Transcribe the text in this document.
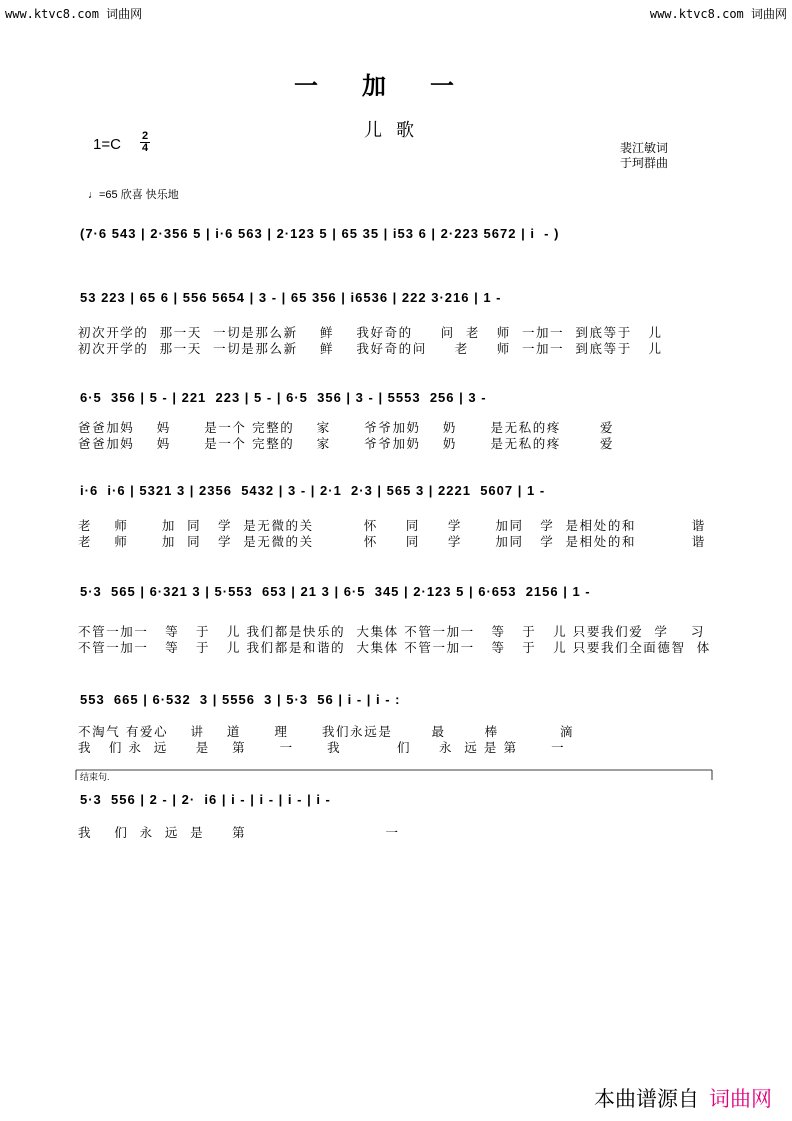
www.ktvc8.com 词曲网	www.ktvc8.com 词曲网
一加一
儿歌
1=C 2
4	裴江敏词
于珂群曲
♩=65 欣喜 快乐地
(7·6 543 | 2·356 5 | i·6 563 | 2·123 5 | 65 35 | i53 6 | 2·223 5672 | i  - )
53 223 | 65 6 | 556 5654 | 3 - | 65 356 | i6536 | 222 3·216 | 1 -
初次开学的  那一天  一切是那么新    鲜    我好奇的     问  老   师  一加一  到底等于   儿
初次开学的  那一天  一切是那么新    鲜    我好奇的问     老     师  一加一  到底等于   儿
6·5  356 | 5 - | 221  223 | 5 - | 6·5  356 | 3 - | 5553  256 | 3 -
爸爸加妈    妈      是一个 完整的    家      爷爷加奶    奶      是无私的疼       爱
爸爸加妈    妈      是一个 完整的    家      爷爷加奶    奶      是无私的疼       爱
i·6  i·6 | 5321 3 | 2356  5432 | 3 - | 2·1  2·3 | 565 3 | 2221  5607 | 1 -
老    师      加  同   学  是无微的关         怀     同     学      加同   学  是相处的和          谐
老    师      加  同   学  是无微的关         怀     同     学      加同   学  是相处的和          谐
5·3  565 | 6·321 3 | 5·553  653 | 21 3 | 6·5  345 | 2·123 5 | 6·653  2156 | 1 -
不管一加一   等   于   儿 我们都是快乐的  大集体 不管一加一   等   于   儿 只要我们爱  学    习
不管一加一   等   于   儿 我们都是和谐的  大集体 不管一加一   等   于   儿 只要我们全面德智  体
553  665 | 6·532  3 | 5556  3 | 5·3  56 | i - | i - :
不淘气 有爱心    讲    道      理      我们永远是       最       棒           滴
我   们 永  远     是    第      一      我          们     永  远 是 第      一
结束句.
5·3  556 | 2 - | 2·  i6 | i - | i - | i - | i -
我    们  永  远  是     第                         一
本曲谱源自 词曲网
